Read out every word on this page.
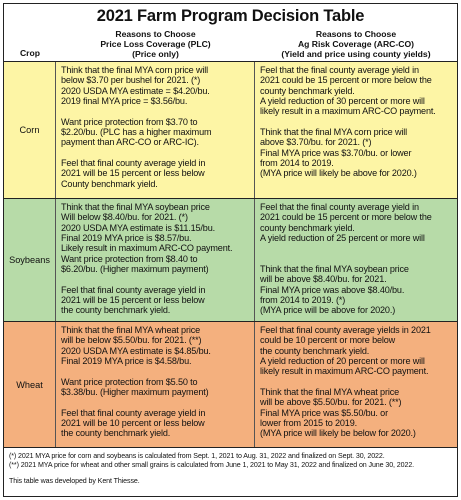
2021 Farm Program Decision Table
Crop
Reasons to Choose
Price Loss Coverage (PLC)
(Price only)
Reasons to Choose
Ag Risk Coverage (ARC-CO)
(Yield and price using county yields)
Corn
Think that the final MYA corn price will
below $3.70 per bushel for 2021. (*)
2020 USDA MYA estimate = $4.20/bu.
2019 final MYA price = $3.56/bu.
Want price protection from $3.70 to
$2.20/bu. (PLC has a higher maximum
payment than ARC-CO or ARC-IC).
Feel that final county average yield in
2021 will be 15 percent or less below
County benchmark yield.
Feel that the final county average yield in
2021 could be 15 percent or more below the
county benchmark yield.
A yield reduction of 30 percent or more will
likely result in a maximum ARC-CO payment.
Think that the final MYA corn price will
above $3.70/bu. for 2021. (*)
Final MYA price was $3.70/bu. or lower
from 2014 to 2019.
(MYA price will likely be above for 2020.)
Soybeans
Think that the final MYA soybean price
Will below $8.40/bu. for 2021. (*)
2020 USDA MYA estimate is $11.15/bu.
Final 2019 MYA price is $8.57/bu.
Likely result in maximum ARC-CO payment.
Want price protection from $8.40 to
$6.20/bu. (Higher maximum payment)
Feel that final county average yield in
2021 will be 15 percent or less below
the county benchmark yield.
Feel that the final county average yield in
2021 could be 15 percent or more below the
county benchmark yield.
A yield reduction of 25 percent or more will
Think that the final MYA soybean price
will be above $8.40/bu. for 2021.
Final MYA price was above $8.40/bu.
from 2014 to 2019. (*)
(MYA price will be above for 2020.)
Wheat
Think that the final MYA wheat price
will be below $5.50/bu. for 2021. (**)
2020 USDA MYA estimate is $4.85/bu.
Final 2019 MYA price is $4.58/bu.
Want price protection from $5.50 to
$3.38/bu. (Higher maximum payment)
Feel that final county average yield in
2021 will be 10 percent or less below
the county benchmark yield.
Feel that final county average yields in 2021
could be 10 percent or more below
the county benchmark yield.
A yield reduction of 20 percent or more will
likely result in maximum ARC-CO payment.
Think that the final MYA wheat price
will be above $5.50/bu. for 2021. (**)
Final MYA price was $5.50/bu. or
lower from 2015 to 2019.
(MYA price will likely be below for 2020.)
(*) 2021 MYA price for corn and soybeans is calculated from Sept. 1, 2021 to Aug. 31, 2022 and finalized on Sept. 30, 2022.
(**) 2021 MYA price for wheat and other small grains is calculated from June 1, 2021 to May 31, 2022 and finalized on June 30, 2022.
This table was developed by Kent Thiesse.
